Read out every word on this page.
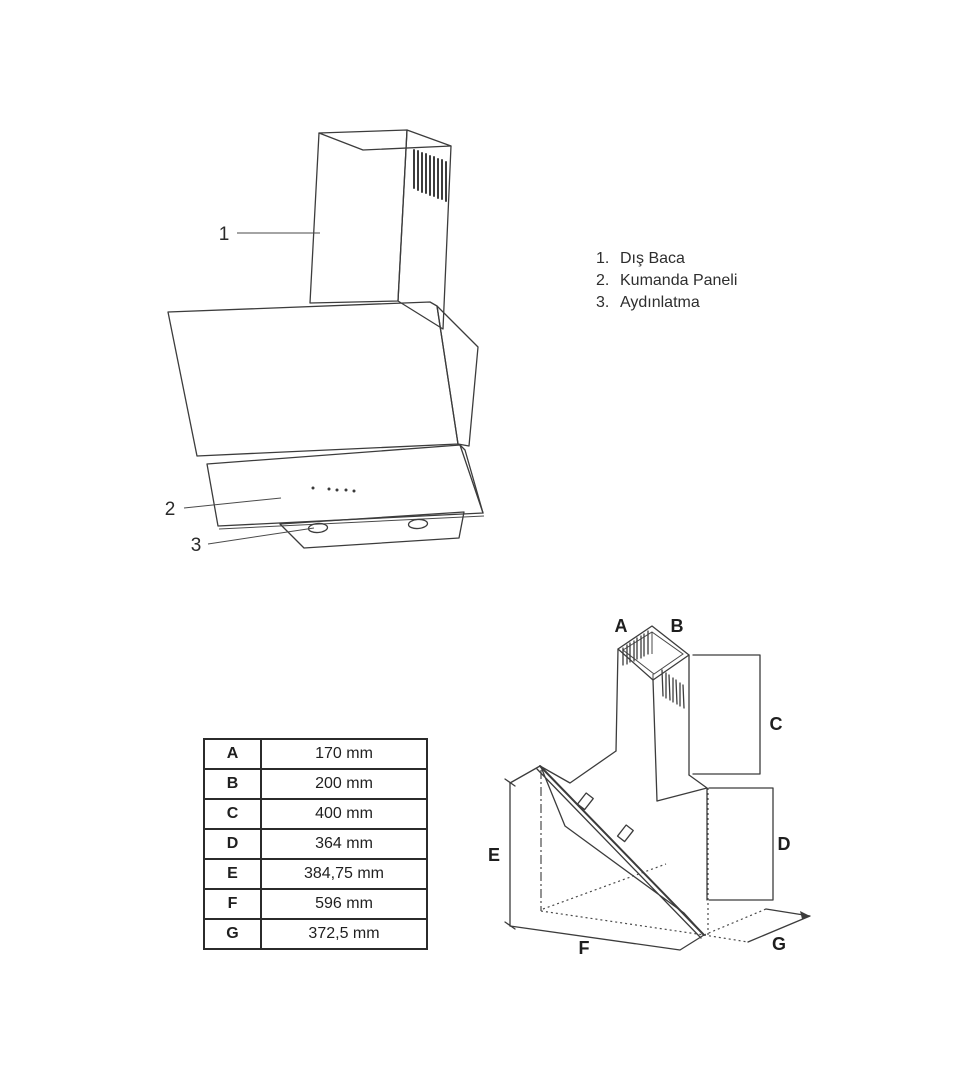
1
2
3
1. Dış Baca
2. Kumanda Paneli
3. Aydınlatma
A	170 mm
B	200 mm
C	400 mm
D	364 mm
E	384,75 mm
F	596 mm
G	372,5 mm
A B
C
D
E
F	G
